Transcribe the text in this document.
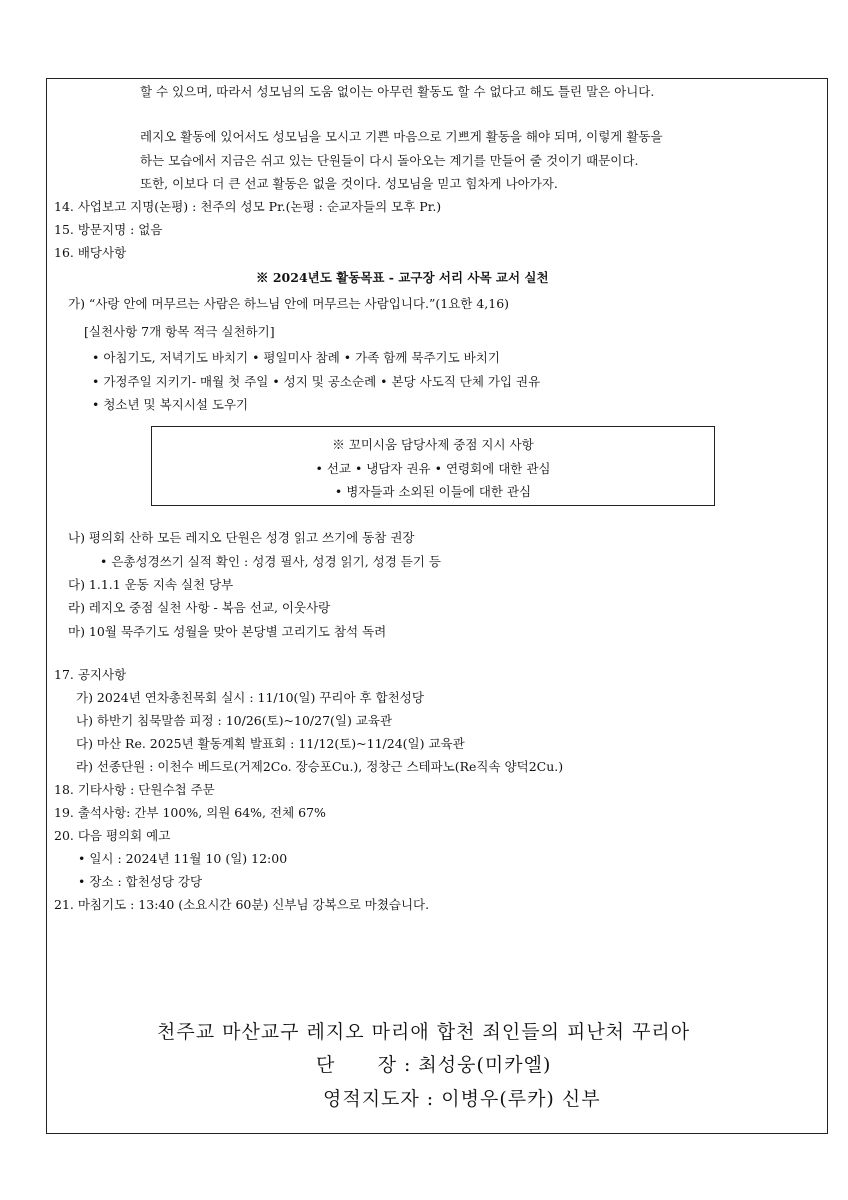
할 수 있으며, 따라서 성모님의 도움 없이는 아무런 활동도 할 수 없다고 해도 틀린 말은 아니다.
레지오 활동에 있어서도 성모님을 모시고 기쁜 마음으로 기쁘게 활동을 해야 되며, 이렇게 활동을
하는 모습에서 지금은 쉬고 있는 단원들이 다시 돌아오는 계기를 만들어 줄 것이기 때문이다.
또한, 이보다 더 큰 선교 활동은 없을 것이다. 성모님을 믿고 힘차게 나아가자.
14. 사업보고 지명(논평) : 천주의 성모 Pr.(논평 : 순교자들의 모후 Pr.)
15. 방문지명 : 없음
16. 배당사항
※ 2024년도 활동목표 - 교구장 서리 사목 교서 실천
가) “사랑 안에 머무르는 사람은 하느님 안에 머무르는 사람입니다.”(1요한 4,16)
[실천사항 7개 항목 적극 실천하기]
• 아침기도, 저녁기도 바치기 • 평일미사 참례 • 가족 함께 묵주기도 바치기
• 가정주일 지키기- 매월 첫 주일 • 성지 및 공소순례 • 본당 사도직 단체 가입 권유
• 청소년 및 복지시설 도우기
※ 꼬미시움 담당사제 중점 지시 사항
• 선교 • 냉담자 권유 • 연령회에 대한 관심
• 병자들과 소외된 이들에 대한 관심
나) 평의회 산하 모든 레지오 단원은 성경 읽고 쓰기에 동참 권장
• 은총성경쓰기 실적 확인 : 성경 필사, 성경 읽기, 성경 듣기 등
다) 1.1.1 운동 지속 실천 당부
라) 레지오 중점 실천 사항 - 복음 선교, 이웃사랑
마) 10월 묵주기도 성월을 맞아 본당별 고리기도 참석 독려
17. 공지사항
가) 2024년 연차총친목회 실시 : 11/10(일) 꾸리아 후 합천성당
나) 하반기 침묵말씀 피정 : 10/26(토)~10/27(일) 교육관
다) 마산 Re. 2025년 활동계획 발표회 : 11/12(토)~11/24(일) 교육관
라) 선종단원 : 이천수 베드로(거제2Co. 장승포Cu.), 정창근 스테파노(Re직속 양덕2Cu.)
18. 기타사항 : 단원수첩 주문
19. 출석사항: 간부 100%, 의원 64%, 전체 67%
20. 다음 평의회 예고
• 일시 : 2024년 11월 10 (일) 12:00
• 장소 : 합천성당 강당
21. 마침기도 : 13:40 (소요시간 60분) 신부님 강복으로 마쳤습니다.
천주교 마산교구 레지오 마리애 합천 죄인들의 피난처 꾸리아
단      장 : 최성웅(미카엘)
영적지도자 : 이병우(루카) 신부
